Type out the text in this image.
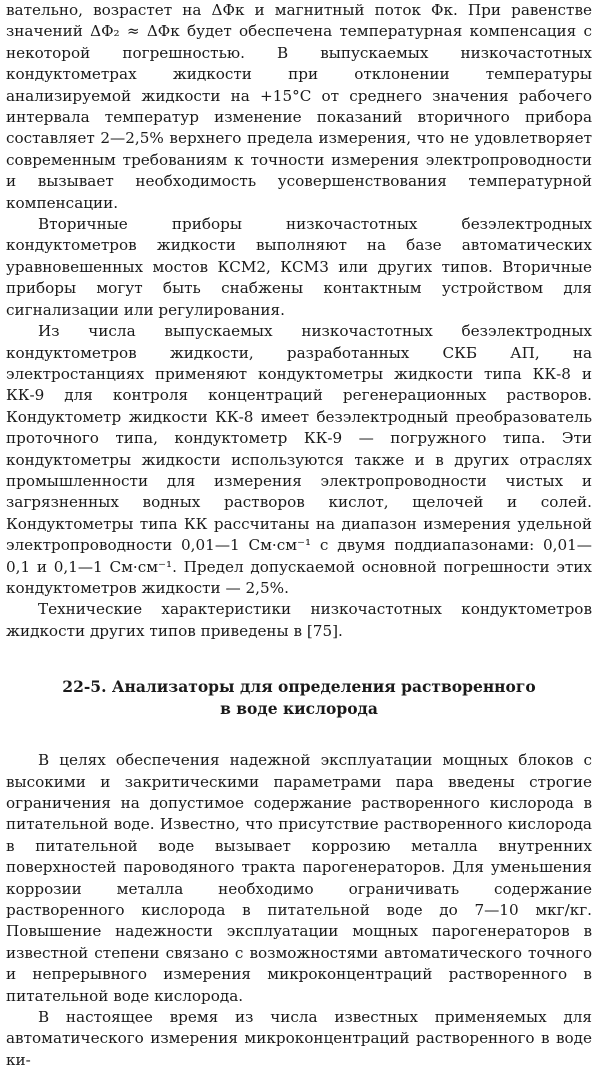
вательно, возрастет на ΔΦк и магнитный поток Φк. При равенстве значений ΔΦ₂ ≈ ΔΦк будет обеспечена температурная компенсация с некоторой погрешностью. В выпускаемых низкочастотных кондуктометрах жидкости при отклонении температуры анализируемой жидкости на +15°С от среднего значения рабочего интервала температур изменение показаний вторичного прибора составляет 2—2,5% верхнего предела измерения, что не удовлетворяет современным требованиям к точности измерения электропроводности и вызывает необходимость усовершенствования температурной компенсации.

Вторичные приборы низкочастотных безэлектродных кондуктометров жидкости выполняют на базе автоматических уравновешенных мостов КСМ2, КСМ3 или других типов. Вторичные приборы могут быть снабжены контактным устройством для сигнализации или регулирования.

Из числа выпускаемых низкочастотных безэлектродных кондуктометров жидкости, разработанных СКБ АП, на электростанциях применяют кондуктометры жидкости типа КК-8 и КК-9 для контроля концентраций регенерационных растворов. Кондуктометр жидкости КК-8 имеет безэлектродный преобразователь проточного типа, кондуктометр КК-9 — погружного типа. Эти кондуктометры жидкости используются также и в других отраслях промышленности для измерения электропроводности чистых и загрязненных водных растворов кислот, щелочей и солей. Кондуктометры типа КК рассчитаны на диапазон измерения удельной электропроводности 0,01—1 См·см⁻¹ с двумя поддиапазонами: 0,01—0,1 и 0,1—1 См·см⁻¹. Предел допускаемой основной погрешности этих кондуктометров жидкости — 2,5%.

Технические характеристики низкочастотных кондуктометров жидкости других типов приведены в [75].

22-5. Анализаторы для определения растворенного
в воде кислорода

В целях обеспечения надежной эксплуатации мощных блоков с высокими и закритическими параметрами пара введены строгие ограничения на допустимое содержание растворенного кислорода в питательной воде. Известно, что присутствие растворенного кислорода в питательной воде вызывает коррозию металла внутренних поверхностей пароводяного тракта парогенераторов. Для уменьшения коррозии металла необходимо ограничивать содержание растворенного кислорода в питательной воде до 7—10 мкг/кг. Повышение надежности эксплуатации мощных парогенераторов в известной степени связано с возможностями автоматического точного и непрерывного измерения микроконцентраций растворенного в питательной воде кислорода.

В настоящее время из числа известных применяемых для автоматического измерения микроконцентраций растворенного в воде ки-
